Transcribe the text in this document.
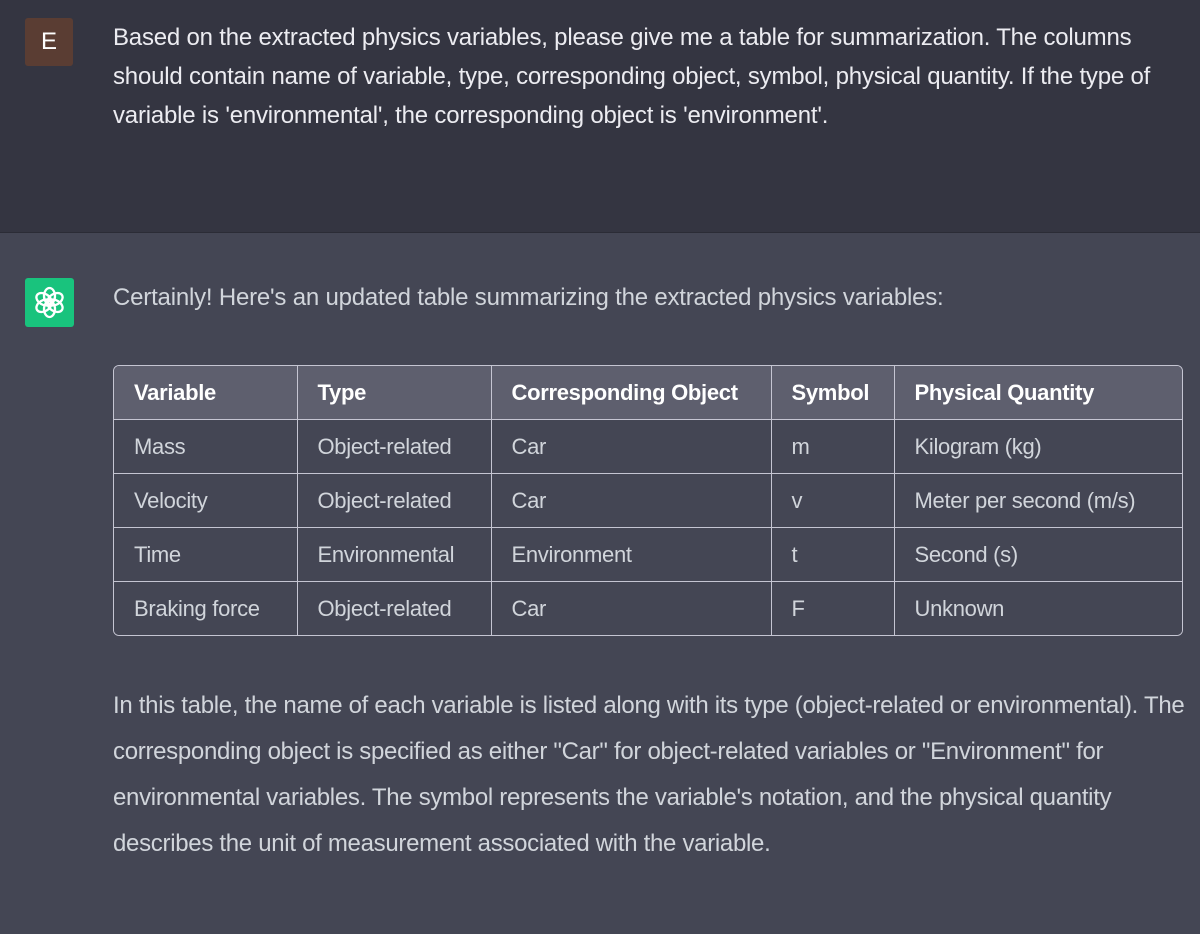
E	Based on the extracted physics variables, please give me a table for summarization. The columns should contain name of variable, type, corresponding object, symbol, physical quantity. If the type of variable is 'environmental', the corresponding object is 'environment'.

Certainly! Here's an updated table summarizing the extracted physics variables:

Variable	Type	Corresponding Object	Symbol	Physical Quantity
Mass	Object-related	Car	m	Kilogram (kg)
Velocity	Object-related	Car	v	Meter per second (m/s)
Time	Environmental	Environment	t	Second (s)
Braking force	Object-related	Car	F	Unknown

In this table, the name of each variable is listed along with its type (object-related or environmental). The corresponding object is specified as either "Car" for object-related variables or "Environment" for environmental variables. The symbol represents the variable's notation, and the physical quantity describes the unit of measurement associated with the variable.
